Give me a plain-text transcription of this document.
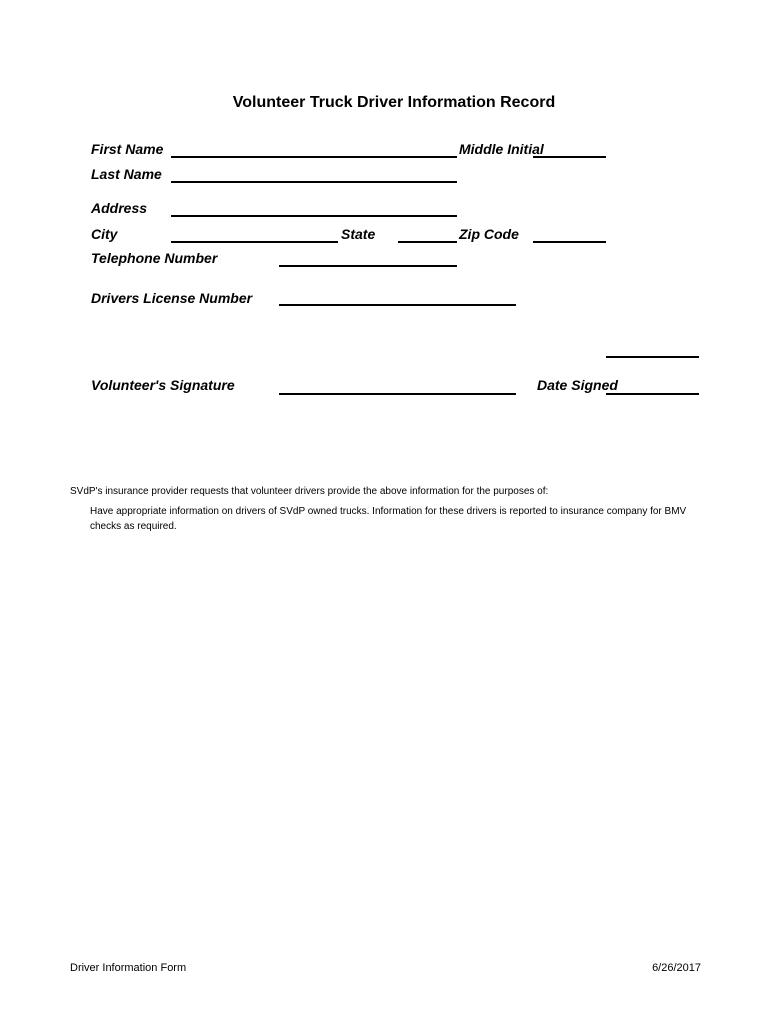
Volunteer Truck Driver Information Record
First Name	Middle Initial
Last Name
Address
City	State	Zip Code
Telephone Number
Drivers License Number
Volunteer's Signature	Date Signed
SVdP's insurance provider requests that volunteer drivers provide the above information for the purposes of:
Have appropriate information on drivers of SVdP owned trucks. Information for these drivers is reported to insurance company for BMV checks as required.
Driver Information Form	6/26/2017
